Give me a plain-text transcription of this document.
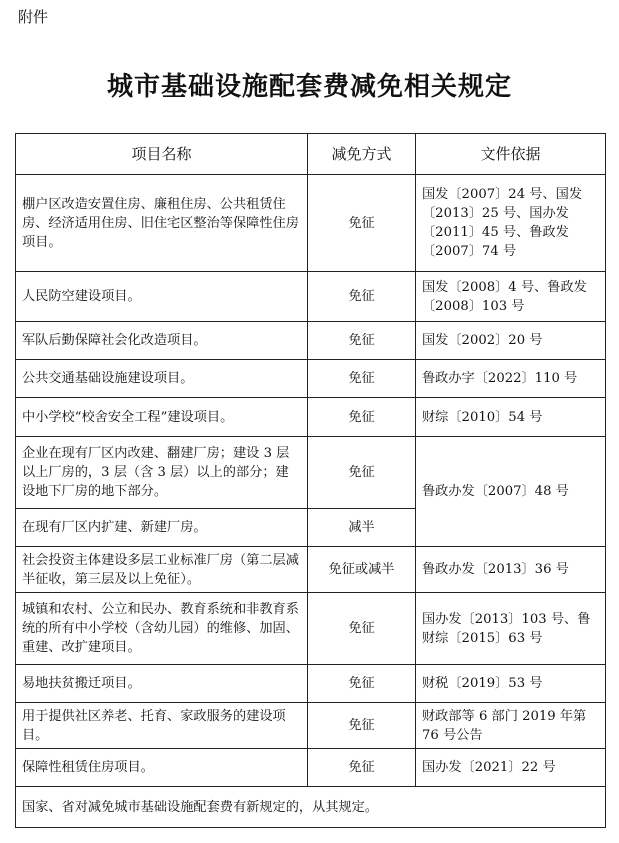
附件
城市基础设施配套费减免相关规定
项目名称	减免方式	文件依据
棚户区改造安置住房、廉租住房、公共租赁住房、经济适用住房、旧住宅区整治等保障性住房项目。	免征	国发〔2007〕24 号、国发〔2013〕25 号、国办发〔2011〕45 号、鲁政发〔2007〕74 号
人民防空建设项目。	免征	国发〔2008〕4 号、鲁政发〔2008〕103 号
军队后勤保障社会化改造项目。	免征	国发〔2002〕20 号
公共交通基础设施建设项目。	免征	鲁政办字〔2022〕110 号
中小学校“校舍安全工程”建设项目。	免征	财综〔2010〕54 号
企业在现有厂区内改建、翻建厂房；建设 3 层以上厂房的，3 层（含 3 层）以上的部分；建设地下厂房的地下部分。	免征	鲁政办发〔2007〕48 号
在现有厂区内扩建、新建厂房。	减半	
社会投资主体建设多层工业标准厂房（第二层减半征收，第三层及以上免征）。	免征或减半	鲁政办发〔2013〕36 号
城镇和农村、公立和民办、教育系统和非教育系统的所有中小学校（含幼儿园）的维修、加固、重建、改扩建项目。	免征	国办发〔2013〕103 号、鲁财综〔2015〕63 号
易地扶贫搬迁项目。	免征	财税〔2019〕53 号
用于提供社区养老、托育、家政服务的建设项目。	免征	财政部等 6 部门 2019 年第 76 号公告
保障性租赁住房项目。	免征	国办发〔2021〕22 号
国家、省对减免城市基础设施配套费有新规定的，从其规定。		
